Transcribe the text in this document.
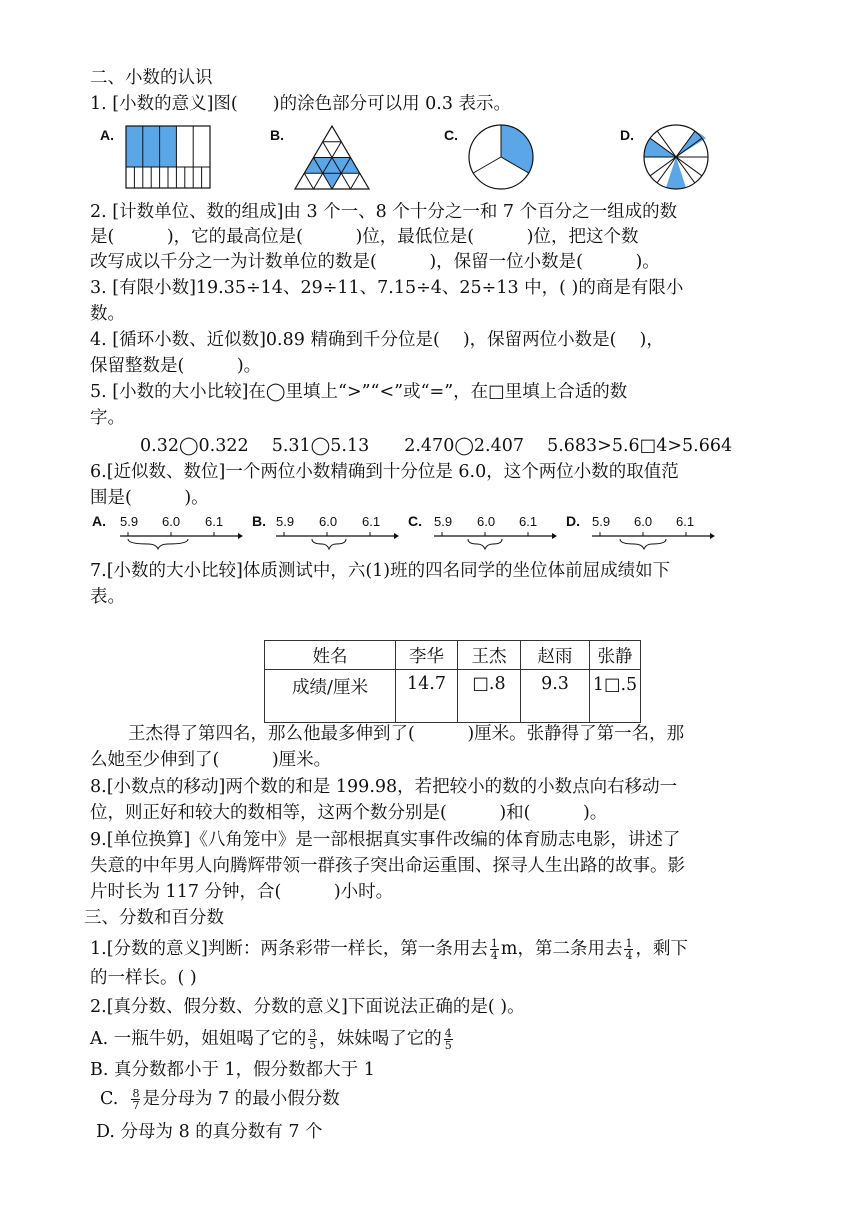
二、小数的认识
1. [小数的意义]图(　　)的涂色部分可以用 0.3 表示。
A.	B.	C.	D.
2. [计数单位、数的组成]由 3 个一、8 个十分之一和 7 个百分之一组成的数
是(　　　)，它的最高位是(　　　)位，最低位是(　　　)位，把这个数
改写成以千分之一为计数单位的数是(　　　)，保留一位小数是(　　　)。
3. [有限小数]19.35÷14、29÷11、7.15÷4、25÷13 中，( )的商是有限小
数。
4. [循环小数、近似数]0.89 精确到千分位是(　 )，保留两位小数是(　 )，
保留整数是(　　　)。
5. [小数的大小比较]在◯里填上“>”“<”或“=”，在□里填上合适的数
字。
0.32◯0.322　 5.31◯5.13　　2.470◯2.407　 5.683>5.6□4>5.664
6.[近似数、数位]一个两位小数精确到十分位是 6.0，这个两位小数的取值范
围是(　　　)。
A. 5.9 6.0 6.1 B. 5.9 6.0 6.1 C. 5.9 6.0 6.1 D. 5.9 6.0 6.1
7.[小数的大小比较]体质测试中，六(1)班的四名同学的坐位体前屈成绩如下
表。
姓名	李华	王杰	赵雨	张静
成绩/厘米	14.7	□.8	9.3	1□.5
王杰得了第四名，那么他最多伸到了(　　　)厘米。张静得了第一名，那
么她至少伸到了(　　　)厘米。
8.[小数点的移动]两个数的和是 199.98，若把较小的数的小数点向右移动一
位，则正好和较大的数相等，这两个数分别是(　　　)和(　　　)。
9.[单位换算]《八角笼中》是一部根据真实事件改编的体育励志电影，讲述了
失意的中年男人向腾辉带领一群孩子突出命运重围、探寻人生出路的故事。影
片时长为 117 分钟，合(　　　)小时。
三、分数和百分数
1.[分数的意义]判断：两条彩带一样长，第一条用去 $\frac{1}{4}$ m，第二条用去 $\frac{1}{4}$ ，剩下
的一样长。( )
2.[真分数、假分数、分数的意义]下面说法正确的是( )。
A. 一瓶牛奶，姐姐喝了它的 $\frac{3}{5}$ ，妹妹喝了它的 $\frac{4}{5}$
B. 真分数都小于 1，假分数都大于 1
C. $\frac{8}{7}$ 是分母为 7 的最小假分数
D. 分母为 8 的真分数有 7 个
